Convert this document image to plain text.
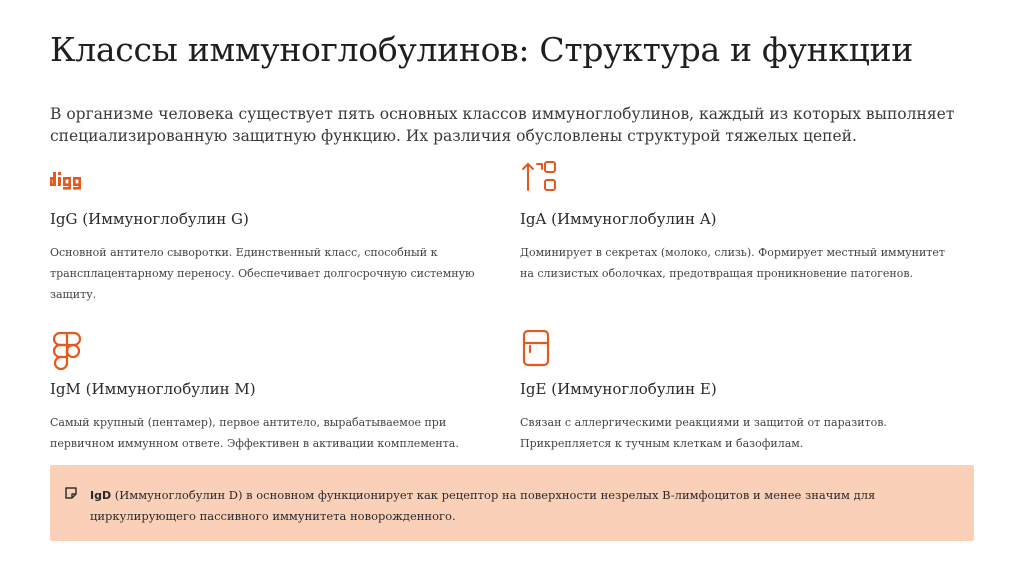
Классы иммуноглобулинов: Структура и функции

В организме человека существует пять основных классов иммуноглобулинов, каждый из которых выполняет специализированную защитную функцию. Их различия обусловлены структурой тяжелых цепей.

IgG (Иммуноглобулин G)

Основной антитело сыворотки. Единственный класс, способный к трансплацентарному переносу. Обеспечивает долгосрочную системную защиту.

IgA (Иммуноглобулин A)

Доминирует в секретах (молоко, слизь). Формирует местный иммунитет на слизистых оболочках, предотвращая проникновение патогенов.

IgM (Иммуноглобулин M)

Самый крупный (пентамер), первое антитело, вырабатываемое при первичном иммунном ответе. Эффективен в активации комплемента.

IgE (Иммуноглобулин E)

Связан с аллергическими реакциями и защитой от паразитов. Прикрепляется к тучным клеткам и базофилам.

IgD (Иммуноглобулин D) в основном функционирует как рецептор на поверхности незрелых B-лимфоцитов и менее значим для циркулирующего пассивного иммунитета новорожденного.
